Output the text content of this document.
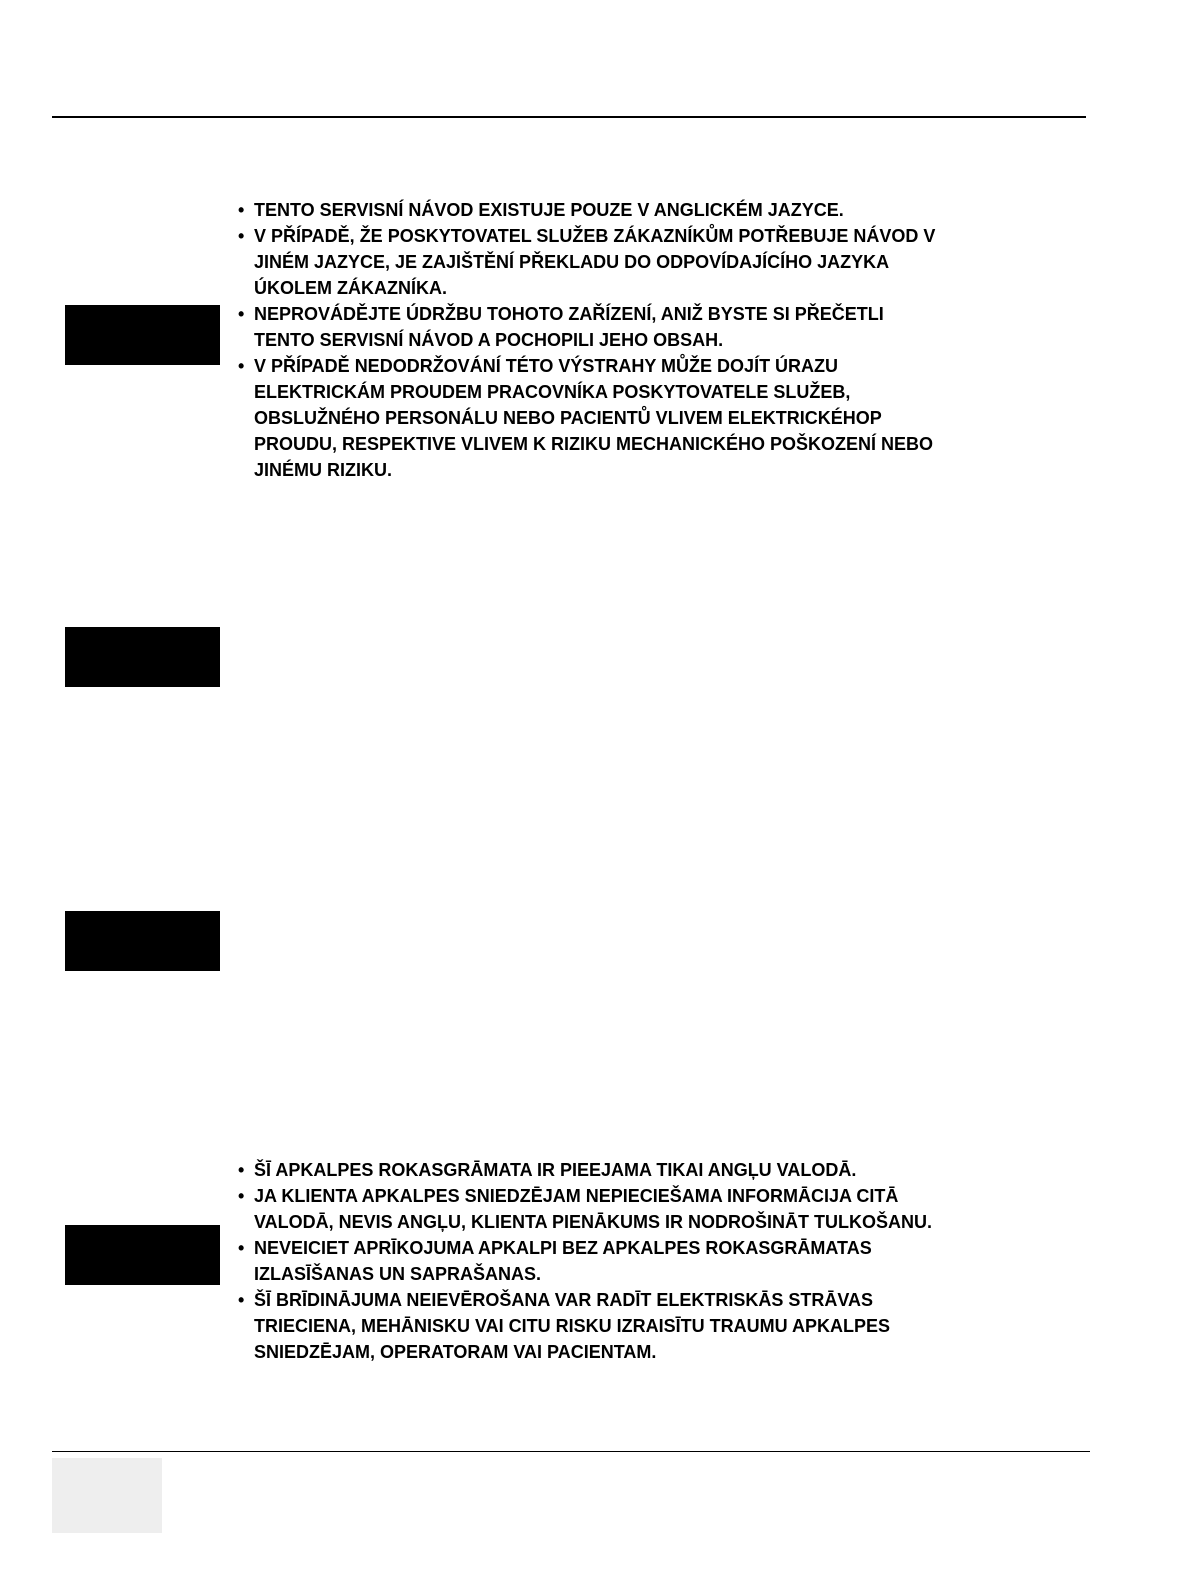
• TENTO SERVISNÍ NÁVOD EXISTUJE POUZE V ANGLICKÉM JAZYCE.
• V PŘÍPADĚ, ŽE POSKYTOVATEL SLUŽEB ZÁKAZNÍKŮM POTŘEBUJE NÁVOD V
JINÉM JAZYCE, JE ZAJIŠTĚNÍ PŘEKLADU DO ODPOVÍDAJÍCÍHO JAZYKA
ÚKOLEM ZÁKAZNÍKA.
• NEPROVÁDĚJTE ÚDRŽBU TOHOTO ZAŘÍZENÍ, ANIŽ BYSTE SI PŘEČETLI
TENTO SERVISNÍ NÁVOD A POCHOPILI JEHO OBSAH.
• V PŘÍPADĚ NEDODRŽOVÁNÍ TÉTO VÝSTRAHY MŮŽE DOJÍT ÚRAZU
ELEKTRICKÁM PROUDEM PRACOVNÍKA POSKYTOVATELE SLUŽEB,
OBSLUŽNÉHO PERSONÁLU NEBO PACIENTŮ VLIVEM ELEKTRICKÉHOP
PROUDU, RESPEKTIVE VLIVEM K RIZIKU MECHANICKÉHO POŠKOZENÍ NEBO
JINÉMU RIZIKU.
• ŠĪ APKALPES ROKASGRĀMATA IR PIEEJAMA TIKAI ANGĻU VALODĀ.
• JA KLIENTA APKALPES SNIEDZĒJAM NEPIECIEŠAMA INFORMĀCIJA CITĀ
VALODĀ, NEVIS ANGĻU, KLIENTA PIENĀKUMS IR NODROŠINĀT TULKOŠANU.
• NEVEICIET APRĪKOJUMA APKALPI BEZ APKALPES ROKASGRĀMATAS
IZLASĪŠANAS UN SAPRAŠANAS.
• ŠĪ BRĪDINĀJUMA NEIEVĒROŠANA VAR RADĪT ELEKTRISKĀS STRĀVAS
TRIECIENA, MEHĀNISKU VAI CITU RISKU IZRAISĪTU TRAUMU APKALPES
SNIEDZĒJAM, OPERATORAM VAI PACIENTAM.
